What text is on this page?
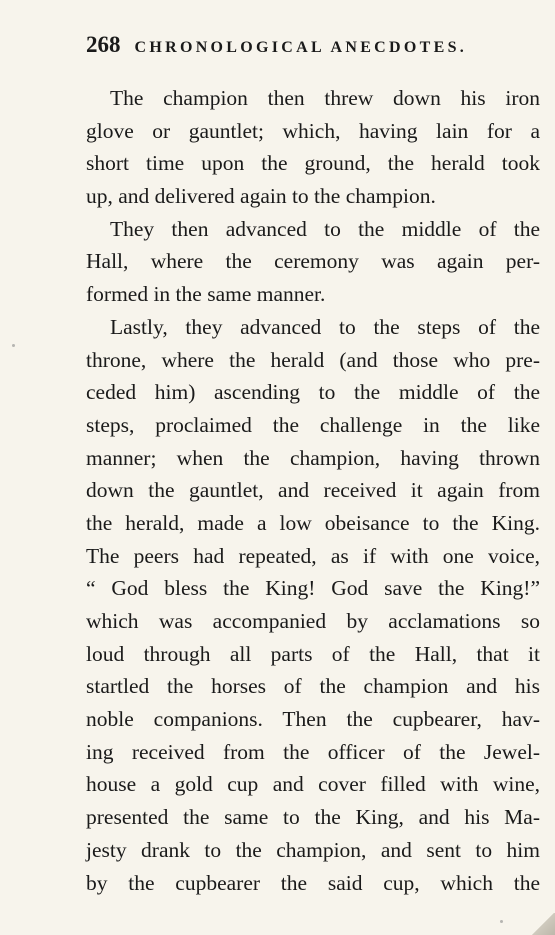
268 CHRONOLOGICAL ANECDOTES.
The champion then threw down his iron
glove or gauntlet; which, having lain for a
short time upon the ground, the herald took
up, and delivered again to the champion.
They then advanced to the middle of the
Hall, where the ceremony was again per-
formed in the same manner.
Lastly, they advanced to the steps of the
throne, where the herald (and those who pre-
ceded him) ascending to the middle of the
steps, proclaimed the challenge in the like
manner; when the champion, having thrown
down the gauntlet, and received it again from
the herald, made a low obeisance to the King.
The peers had repeated, as if with one voice,
“ God bless the King! God save the King!”
which was accompanied by acclamations so
loud through all parts of the Hall, that it
startled the horses of the champion and his
noble companions. Then the cupbearer, hav-
ing received from the officer of the Jewel-
house a gold cup and cover filled with wine,
presented the same to the King, and his Ma-
jesty drank to the champion, and sent to him
by the cupbearer the said cup, which the
